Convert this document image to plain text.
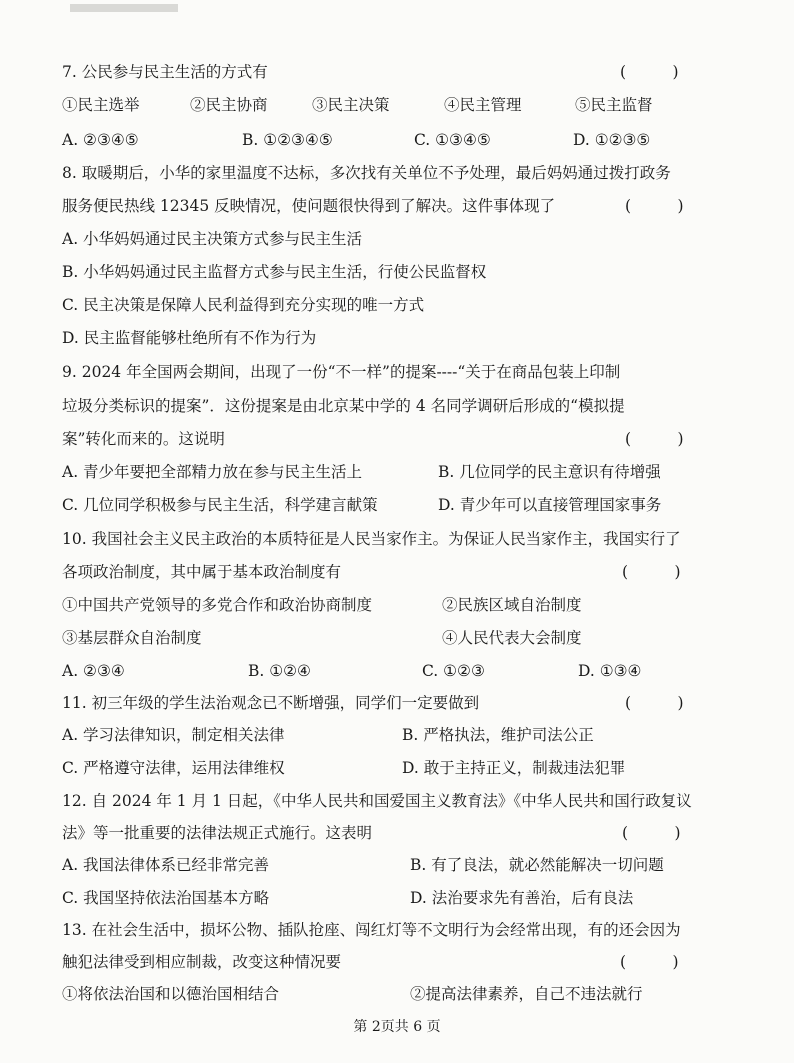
7. 公民参与民主生活的方式有	(　　　)
①民主选举	②民主协商	③民主决策	④民主管理	⑤民主监督
A. ②③④⑤	B. ①②③④⑤	C. ①③④⑤	D. ①②③⑤
8. 取暖期后，小华的家里温度不达标，多次找有关单位不予处理，最后妈妈通过拨打政务
服务便民热线 12345 反映情况，使问题很快得到了解决。这件事体现了	(　　　)
A. 小华妈妈通过民主决策方式参与民主生活
B. 小华妈妈通过民主监督方式参与民主生活，行使公民监督权
C. 民主决策是保障人民利益得到充分实现的唯一方式
D. 民主监督能够杜绝所有不作为行为
9. 2024 年全国两会期间，出现了一份“不一样”的提案----“关于在商品包装上印制
垃圾分类标识的提案”．这份提案是由北京某中学的 4 名同学调研后形成的“模拟提
案”转化而来的。这说明	(　　　)
A. 青少年要把全部精力放在参与民主生活上	B. 几位同学的民主意识有待增强
C. 几位同学积极参与民主生活，科学建言献策	D. 青少年可以直接管理国家事务
10. 我国社会主义民主政治的本质特征是人民当家作主。为保证人民当家作主，我国实行了
各项政治制度，其中属于基本政治制度有	(　　　)
①中国共产党领导的多党合作和政治协商制度	②民族区域自治制度
③基层群众自治制度	④人民代表大会制度
A. ②③④	B. ①②④	C. ①②③	D. ①③④
11. 初三年级的学生法治观念已不断增强，同学们一定要做到	(　　　)
A. 学习法律知识，制定相关法律	B. 严格执法，维护司法公正
C. 严格遵守法律，运用法律维权	D. 敢于主持正义，制裁违法犯罪
12. 自 2024 年 1 月 1 日起，《中华人民共和国爱国主义教育法》《中华人民共和国行政复议
法》等一批重要的法律法规正式施行。这表明	(　　　)
A. 我国法律体系已经非常完善	B. 有了良法，就必然能解决一切问题
C. 我国坚持依法治国基本方略	D. 法治要求先有善治，后有良法
13. 在社会生活中，损坏公物、插队抢座、闯红灯等不文明行为会经常出现，有的还会因为
触犯法律受到相应制裁，改变这种情况要	(　　　)
①将依法治国和以德治国相结合	②提高法律素养，自己不违法就行
第 2页共 6 页
